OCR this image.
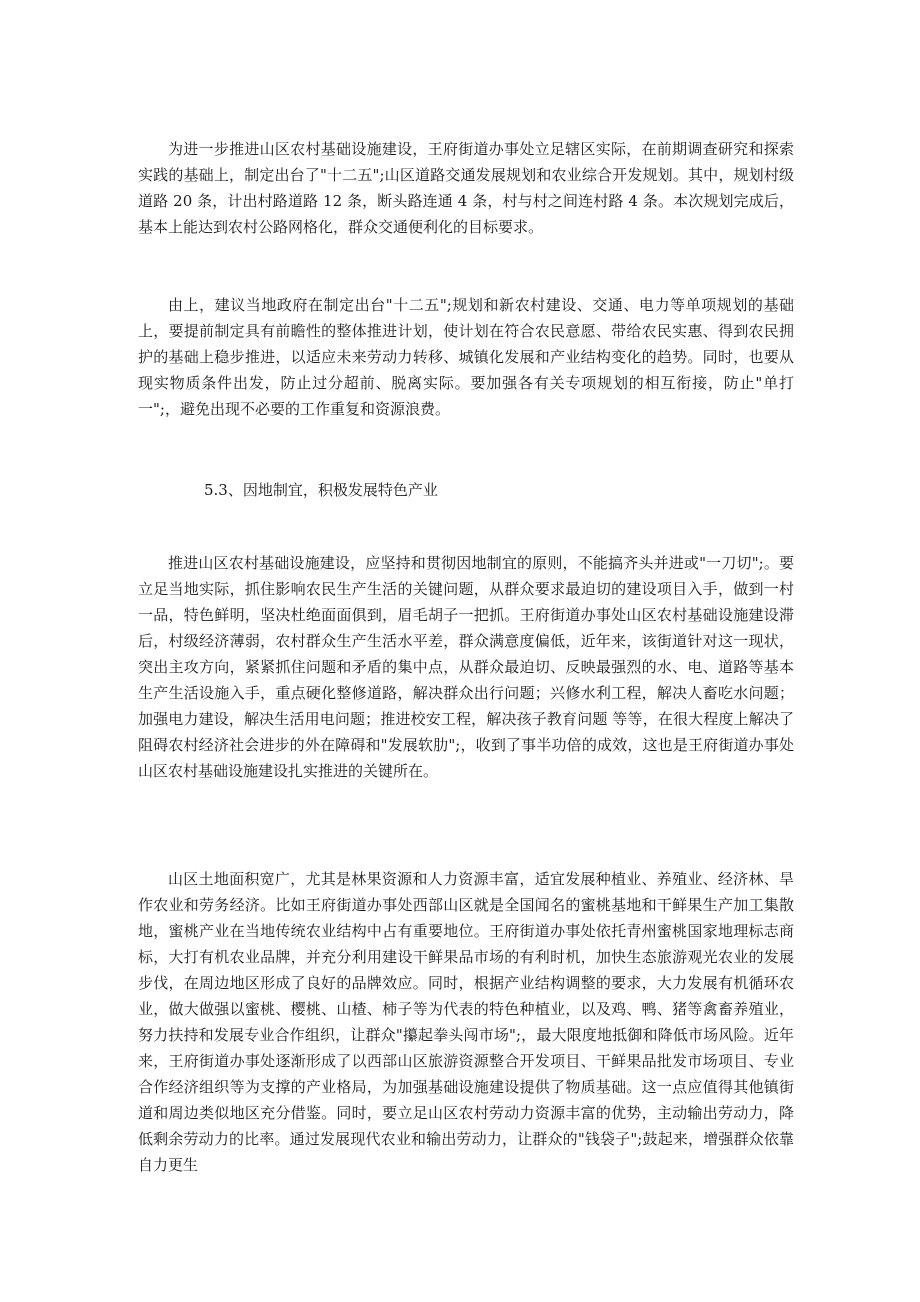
为进一步推进山区农村基础设施建设，王府街道办事处立足辖区实际，在前期调查研究和探索实践的基础上，制定出台了"十二五";山区道路交通发展规划和农业综合开发规划。其中，规划村级道路 20 条，计出村路道路 12 条，断头路连通 4 条，村与村之间连村路 4 条。本次规划完成后，基本上能达到农村公路网格化，群众交通便利化的目标要求。

由上，建议当地政府在制定出台"十二五";规划和新农村建设、交通、电力等单项规划的基础上，要提前制定具有前瞻性的整体推进计划，使计划在符合农民意愿、带给农民实惠、得到农民拥护的基础上稳步推进，以适应未来劳动力转移、城镇化发展和产业结构变化的趋势。同时，也要从现实物质条件出发，防止过分超前、脱离实际。要加强各有关专项规划的相互衔接，防止"单打一";，避免出现不必要的工作重复和资源浪费。

5.3、因地制宜，积极发展特色产业

推进山区农村基础设施建设，应坚持和贯彻因地制宜的原则，不能搞齐头并进或"一刀切";。要立足当地实际，抓住影响农民生产生活的关键问题，从群众要求最迫切的建设项目入手，做到一村一品，特色鲜明，坚决杜绝面面俱到，眉毛胡子一把抓。王府街道办事处山区农村基础设施建设滞后，村级经济薄弱，农村群众生产生活水平差，群众满意度偏低，近年来，该街道针对这一现状，突出主攻方向，紧紧抓住问题和矛盾的集中点，从群众最迫切、反映最强烈的水、电、道路等基本生产生活设施入手，重点硬化整修道路，解决群众出行问题；兴修水利工程，解决人畜吃水问题；加强电力建设，解决生活用电问题；推进校安工程，解决孩子教育问题 等等，在很大程度上解决了阻碍农村经济社会进步的外在障碍和"发展软肋";，收到了事半功倍的成效，这也是王府街道办事处山区农村基础设施建设扎实推进的关键所在。

山区土地面积宽广，尤其是林果资源和人力资源丰富，适宜发展种植业、养殖业、经济林、旱作农业和劳务经济。比如王府街道办事处西部山区就是全国闻名的蜜桃基地和干鲜果生产加工集散地，蜜桃产业在当地传统农业结构中占有重要地位。王府街道办事处依托青州蜜桃国家地理标志商标，大打有机农业品牌，并充分利用建设干鲜果品市场的有利时机，加快生态旅游观光农业的发展步伐，在周边地区形成了良好的品牌效应。同时，根据产业结构调整的要求，大力发展有机循环农业，做大做强以蜜桃、樱桃、山楂、柿子等为代表的特色种植业，以及鸡、鸭、猪等禽畜养殖业，努力扶持和发展专业合作组织，让群众"攥起拳头闯市场";，最大限度地抵御和降低市场风险。近年来，王府街道办事处逐渐形成了以西部山区旅游资源整合开发项目、干鲜果品批发市场项目、专业合作经济组织等为支撑的产业格局，为加强基础设施建设提供了物质基础。这一点应值得其他镇街道和周边类似地区充分借鉴。同时，要立足山区农村劳动力资源丰富的优势，主动输出劳动力，降低剩余劳动力的比率。通过发展现代农业和输出劳动力，让群众的"钱袋子";鼓起来，增强群众依靠自力更生
